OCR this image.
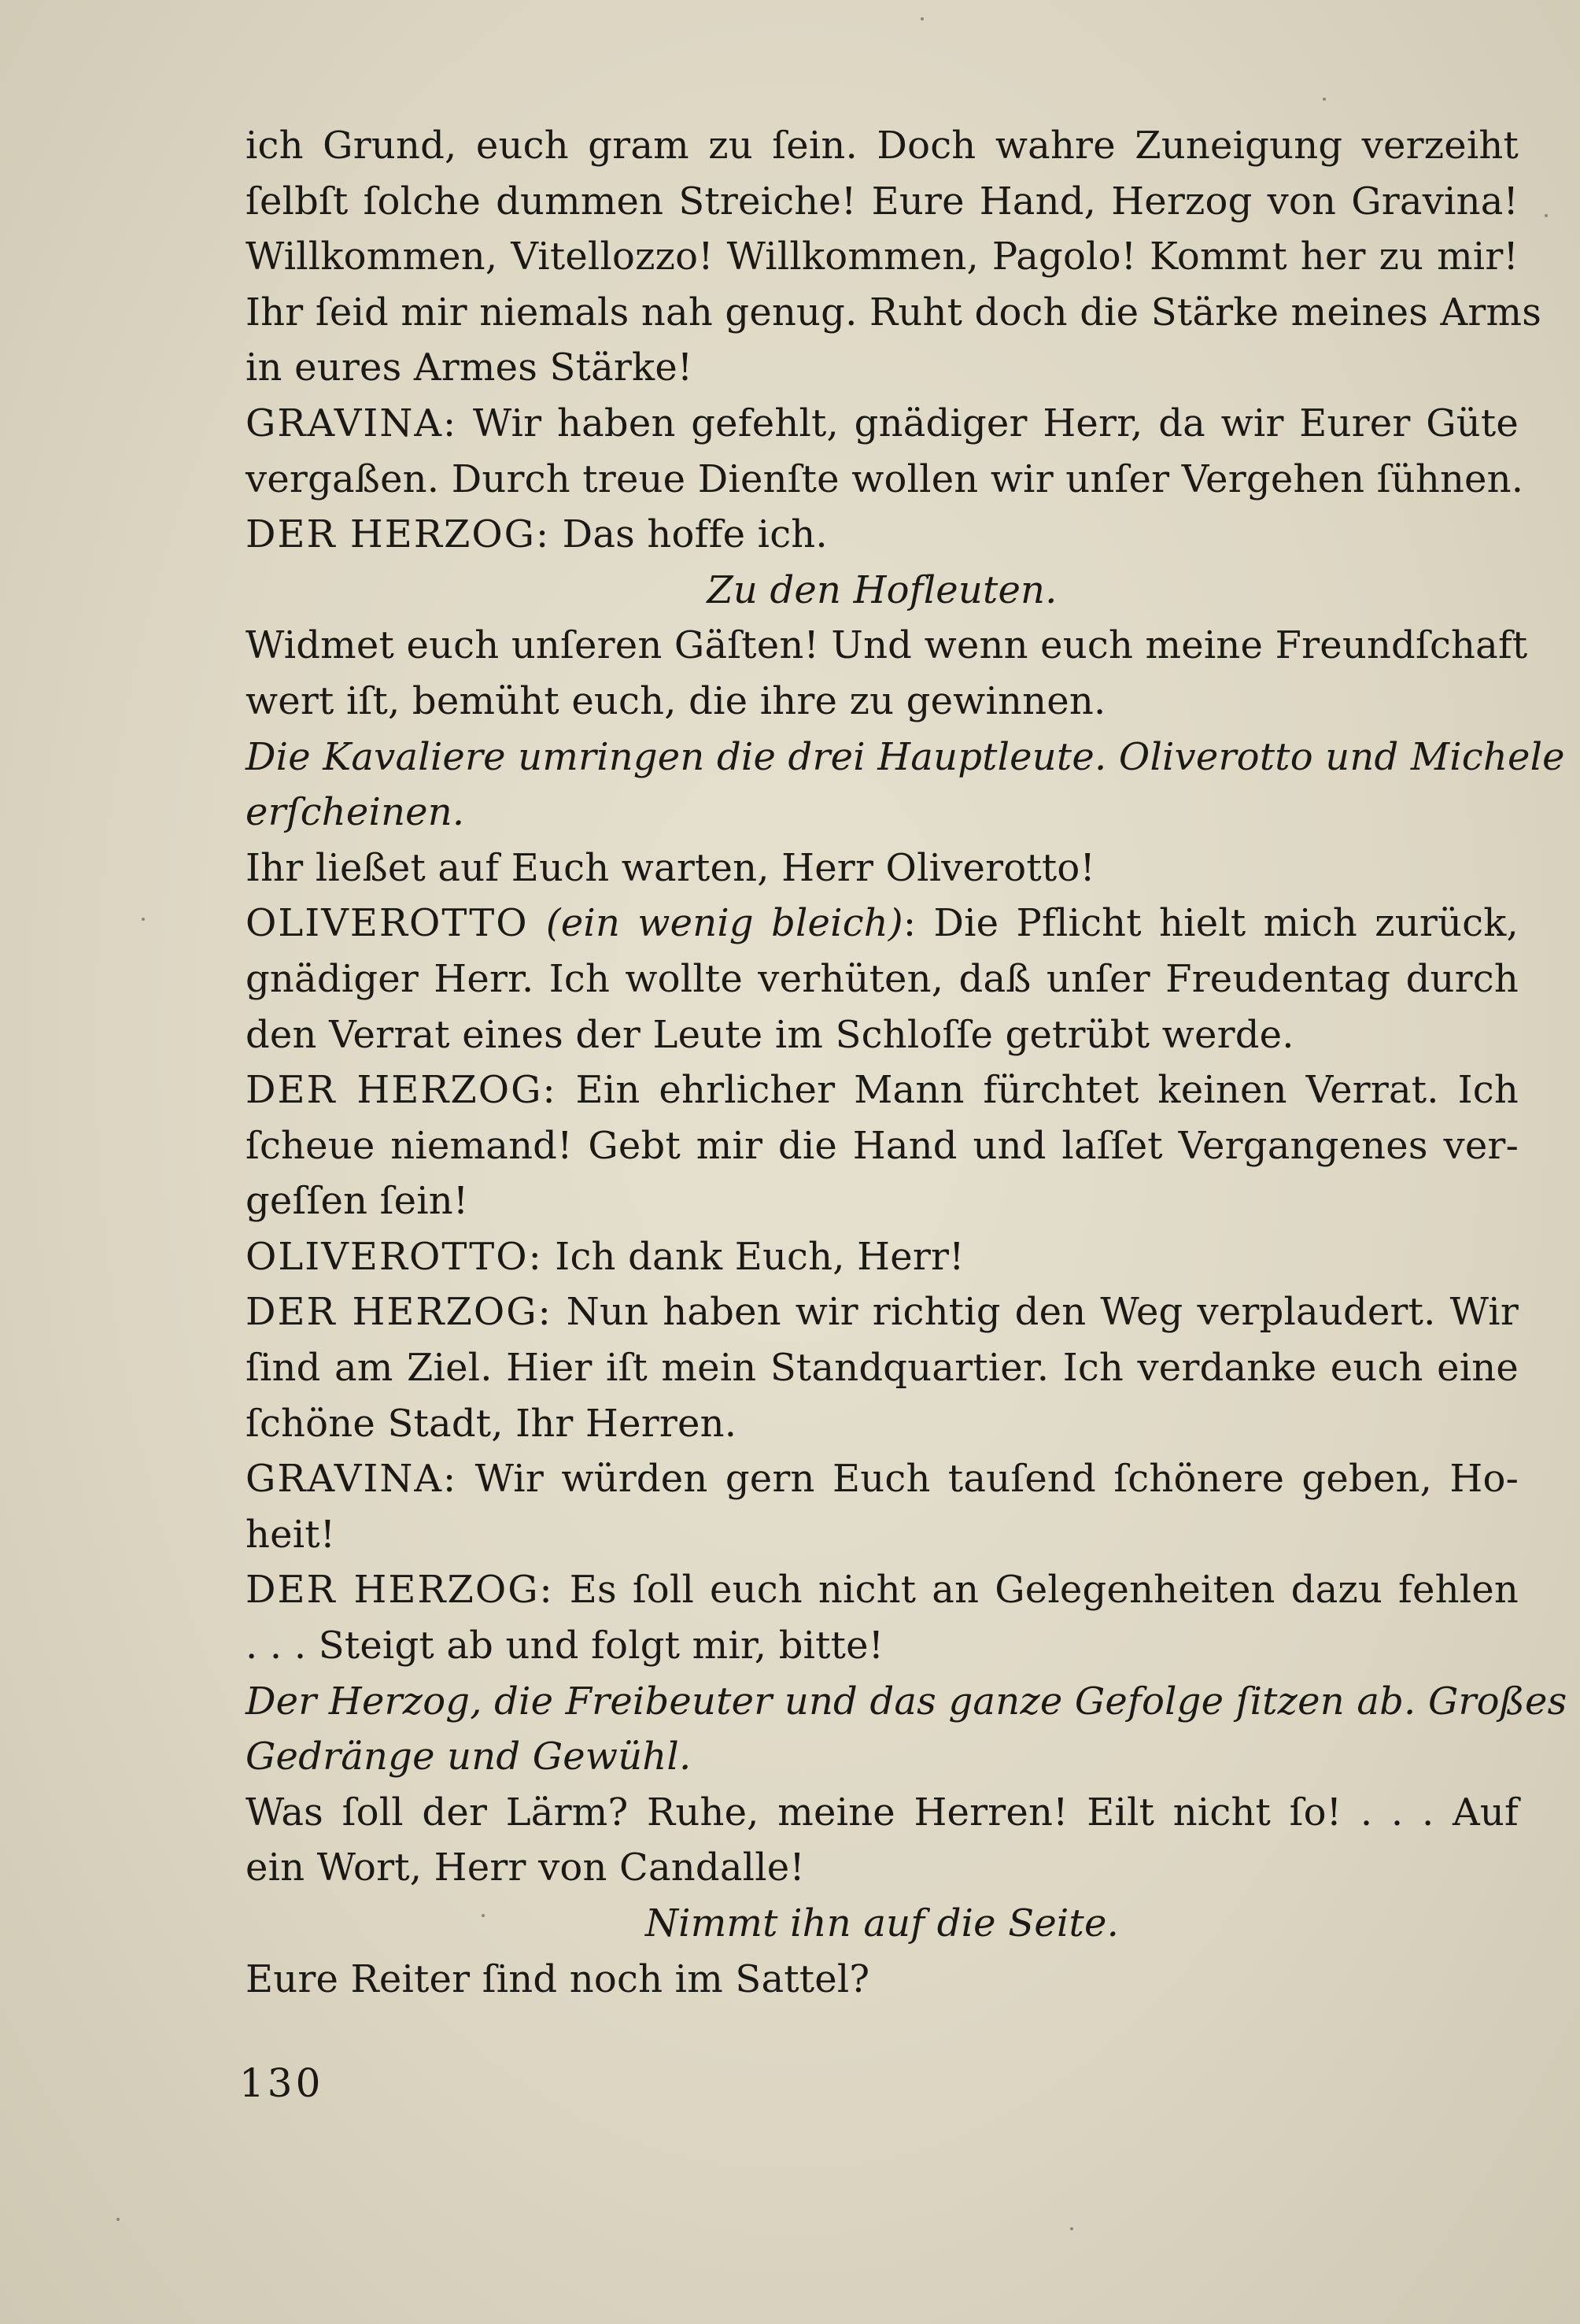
ich Grund, euch gram zu ſein. Doch wahre Zuneigung verzeiht
ſelbſt ſolche dummen Streiche! Eure Hand, Herzog von Gravina!
Willkommen, Vitellozzo! Willkommen, Pagolo! Kommt her zu mir!
Ihr ſeid mir niemals nah genug. Ruht doch die Stärke meines Arms
in eures Armes Stärke!
GRAVINA: Wir haben gefehlt, gnädiger Herr, da wir Eurer Güte
vergaßen. Durch treue Dienſte wollen wir unſer Vergehen ſühnen.
DER HERZOG: Das hoffe ich.
Zu den Hofleuten.
Widmet euch unſeren Gäſten! Und wenn euch meine Freundſchaft
wert iſt, bemüht euch, die ihre zu gewinnen.
Die Kavaliere umringen die drei Hauptleute. Oliverotto und Michele
erſcheinen.
Ihr ließet auf Euch warten, Herr Oliverotto!
OLIVEROTTO (ein wenig bleich): Die Pflicht hielt mich zurück,
gnädiger Herr. Ich wollte verhüten, daß unſer Freudentag durch
den Verrat eines der Leute im Schloſſe getrübt werde.
DER HERZOG: Ein ehrlicher Mann fürchtet keinen Verrat. Ich
ſcheue niemand! Gebt mir die Hand und laſſet Vergangenes ver-
geſſen ſein!
OLIVEROTTO: Ich dank Euch, Herr!
DER HERZOG: Nun haben wir richtig den Weg verplaudert. Wir
ſind am Ziel. Hier iſt mein Standquartier. Ich verdanke euch eine
ſchöne Stadt, Ihr Herren.
GRAVINA: Wir würden gern Euch tauſend ſchönere geben, Ho-
heit!
DER HERZOG: Es ſoll euch nicht an Gelegenheiten dazu fehlen
. . . Steigt ab und folgt mir, bitte!
Der Herzog, die Freibeuter und das ganze Gefolge ſitzen ab. Großes
Gedränge und Gewühl.
Was ſoll der Lärm? Ruhe, meine Herren! Eilt nicht ſo! . . . Auf
ein Wort, Herr von Candalle!
Nimmt ihn auf die Seite.
Eure Reiter ſind noch im Sattel?
130
